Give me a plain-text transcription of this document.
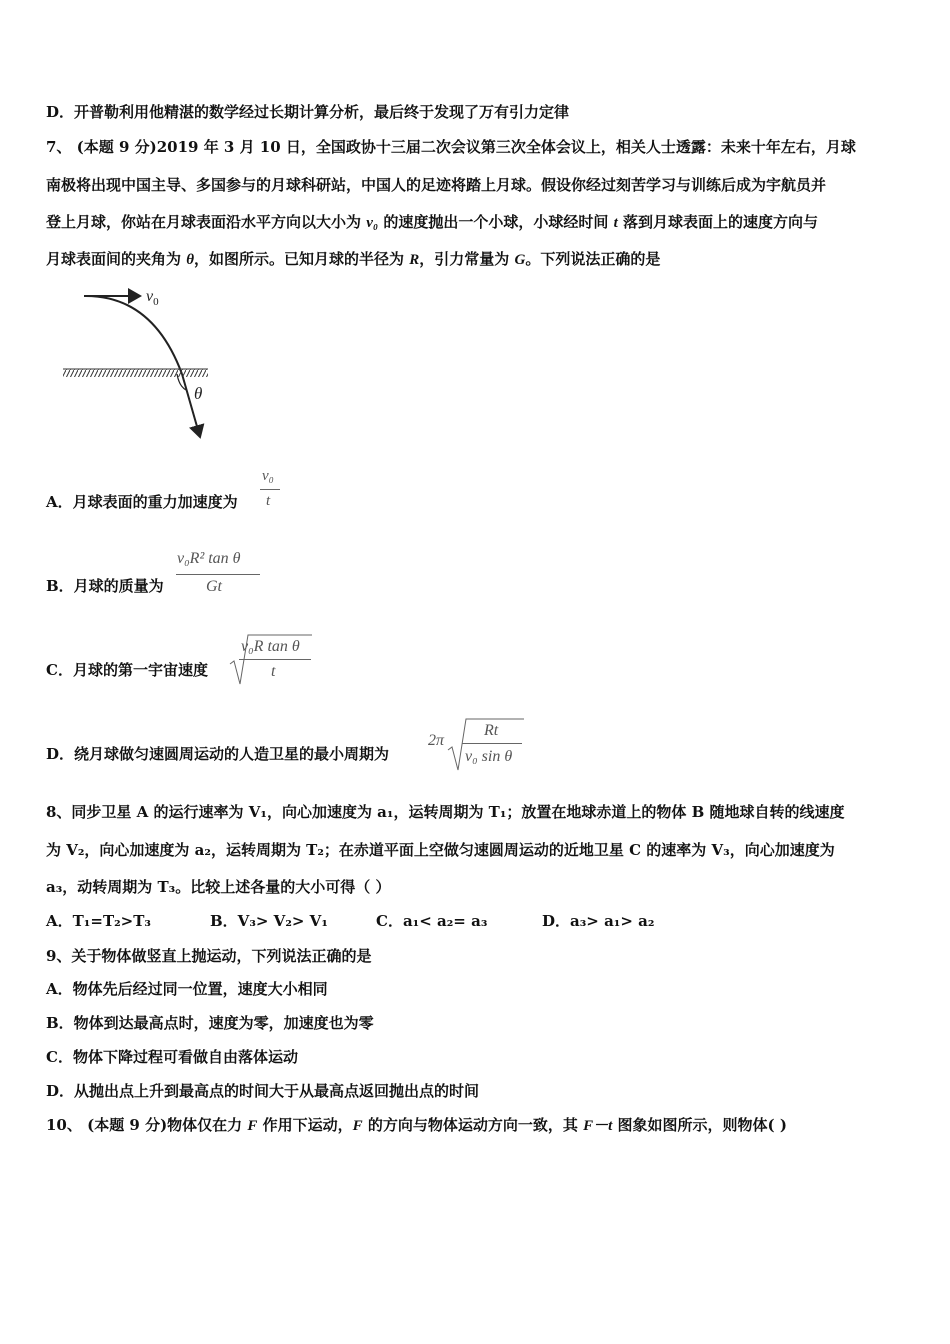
D．开普勒利用他精湛的数学经过长期计算分析，最后终于发现了万有引力定律
7、 (本题 9 分)2019 年 3 月 10 日，全国政协十三届二次会议第三次全体会议上，相关人士透露：未来十年左右，月球
南极将出现中国主导、多国参与的月球科研站，中国人的足迹将踏上月球。假设你经过刻苦学习与训练后成为宇航员并
登上月球，你站在月球表面沿水平方向以大小为 v₀ 的速度抛出一个小球，小球经时间 t 落到月球表面上的速度方向与
月球表面间的夹角为 θ，如图所示。已知月球的半径为 R，引力常量为 G。下列说法正确的是
$v_0$
θ
A．月球表面的重力加速度为
v₀
t
B．月球的质量为
v₀R² tan θ
Gt
C．月球的第一宇宙速度
v₀R tan θ
t
D．绕月球做匀速圆周运动的人造卫星的最小周期为
2π
Rt
v₀ sin θ
8、同步卫星 A 的运行速率为 V₁，向心加速度为 a₁，运转周期为 T₁；放置在地球赤道上的物体 B 随地球自转的线速度
为 V₂，向心加速度为 a₂，运转周期为 T₂；在赤道平面上空做匀速圆周运动的近地卫星 C 的速率为 V₃，向心加速度为
a₃，动转周期为 T₃。比较上述各量的大小可得（ ）
A．T₁=T₂>T₃	B．V₃> V₂> V₁	C．a₁< a₂= a₃	D．a₃> a₁> a₂
9、关于物体做竖直上抛运动，下列说法正确的是
A．物体先后经过同一位置，速度大小相同
B．物体到达最高点时，速度为零，加速度也为零
C．物体下降过程可看做自由落体运动
D．从抛出点上升到最高点的时间大于从最高点返回抛出点的时间
10、 (本题 9 分)物体仅在力 F 作用下运动，F 的方向与物体运动方向一致，其 F－t 图象如图所示，则物体( )
